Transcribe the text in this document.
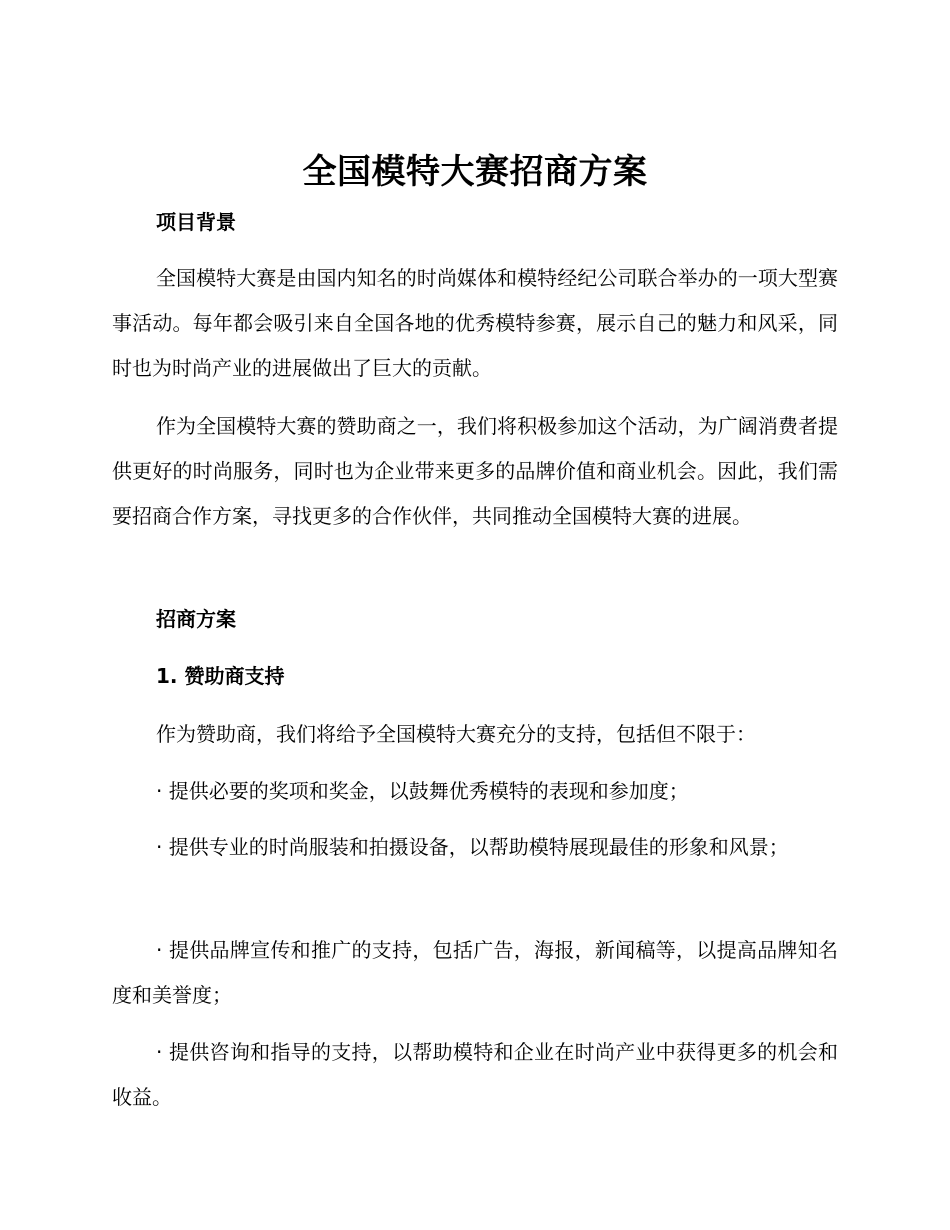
全国模特大赛招商方案
项目背景
全国模特大赛是由国内知名的时尚媒体和模特经纪公司联合举办的一项大型赛事活动。每年都会吸引来自全国各地的优秀模特参赛，展示自己的魅力和风采，同时也为时尚产业的进展做出了巨大的贡献。
作为全国模特大赛的赞助商之一，我们将积极参加这个活动，为广阔消费者提供更好的时尚服务，同时也为企业带来更多的品牌价值和商业机会。因此，我们需要招商合作方案，寻找更多的合作伙伴，共同推动全国模特大赛的进展。
招商方案
1. 赞助商支持
作为赞助商，我们将给予全国模特大赛充分的支持，包括但不限于：
· 提供必要的奖项和奖金，以鼓舞优秀模特的表现和参加度；
· 提供专业的时尚服装和拍摄设备，以帮助模特展现最佳的形象和风景；
· 提供品牌宣传和推广的支持，包括广告，海报，新闻稿等，以提高品牌知名度和美誉度；
· 提供咨询和指导的支持，以帮助模特和企业在时尚产业中获得更多的机会和收益。
